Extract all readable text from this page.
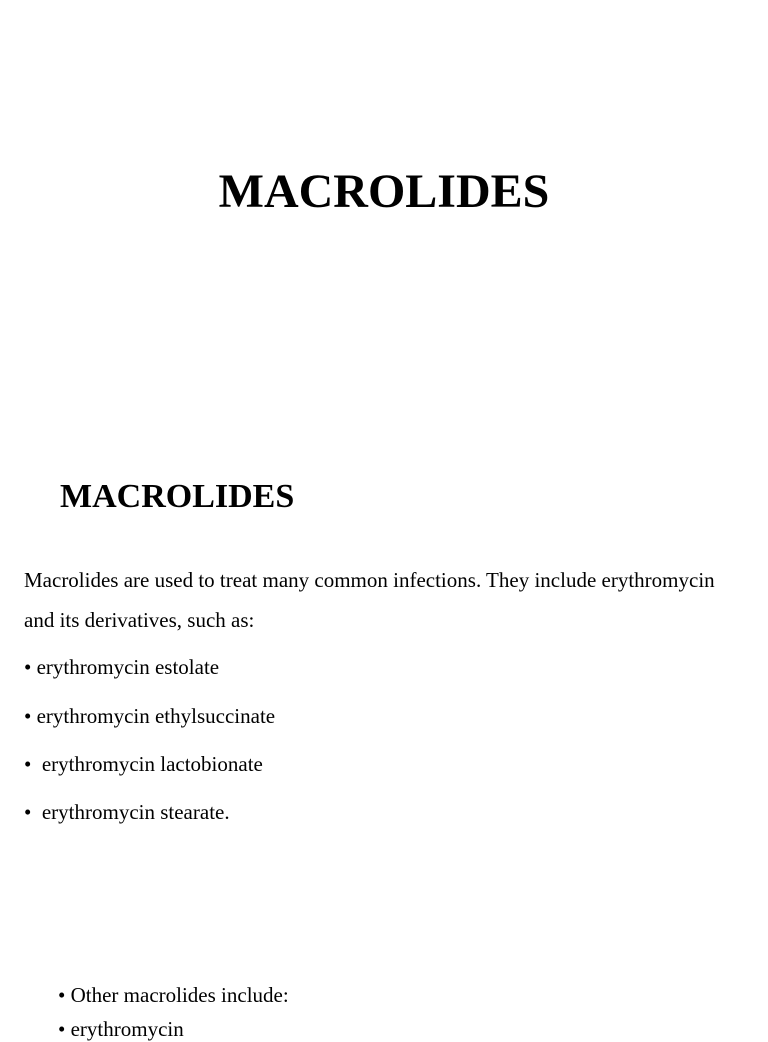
MACROLIDES
MACROLIDES

Macrolides are used to treat many common infections. They include erythromycin
and its derivatives, such as:

• erythromycin estolate

• erythromycin ethylsuccinate

•  erythromycin lactobionate

•  erythromycin stearate.

• Other macrolides include:

• erythromycin
